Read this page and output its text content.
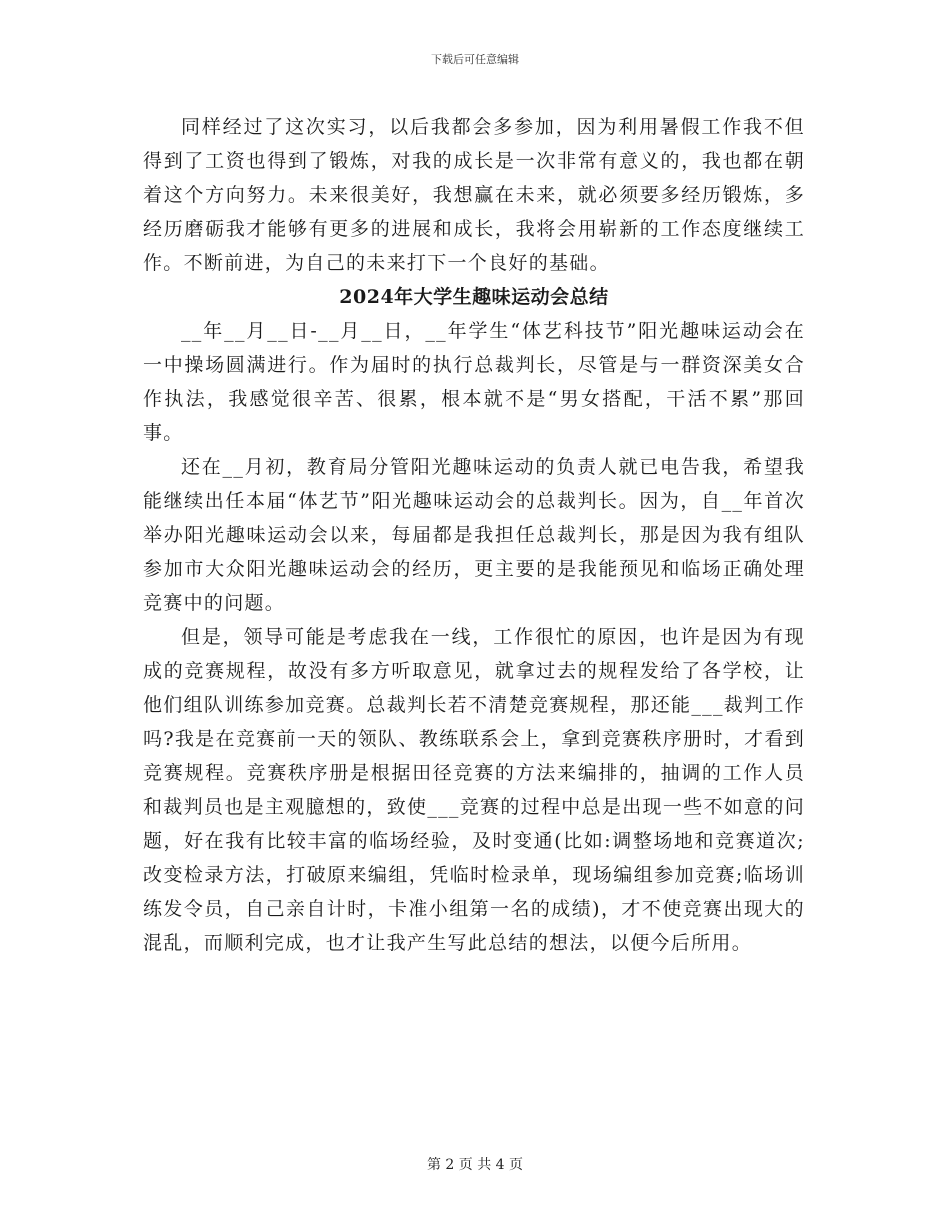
下载后可任意编辑

同样经过了这次实习，以后我都会多参加，因为利用暑假工作我不但得到了工资也得到了锻炼，对我的成长是一次非常有意义的，我也都在朝着这个方向努力。未来很美好，我想赢在未来，就必须要多经历锻炼，多经历磨砺我才能够有更多的进展和成长，我将会用崭新的工作态度继续工作。不断前进，为自己的未来打下一个良好的基础。

2024年大学生趣味运动会总结

__年__月__日-__月__日，__年学生“体艺科技节”阳光趣味运动会在一中操场圆满进行。作为届时的执行总裁判长，尽管是与一群资深美女合作执法，我感觉很辛苦、很累，根本就不是“男女搭配，干活不累”那回事。

还在__月初，教育局分管阳光趣味运动的负责人就已电告我，希望我能继续出任本届“体艺节”阳光趣味运动会的总裁判长。因为，自__年首次举办阳光趣味运动会以来，每届都是我担任总裁判长，那是因为我有组队参加市大众阳光趣味运动会的经历，更主要的是我能预见和临场正确处理竞赛中的问题。

但是，领导可能是考虑我在一线，工作很忙的原因，也许是因为有现成的竞赛规程，故没有多方听取意见，就拿过去的规程发给了各学校，让他们组队训练参加竞赛。总裁判长若不清楚竞赛规程，那还能___裁判工作吗?我是在竞赛前一天的领队、教练联系会上，拿到竞赛秩序册时，才看到竞赛规程。竞赛秩序册是根据田径竞赛的方法来编排的，抽调的工作人员和裁判员也是主观臆想的，致使___竞赛的过程中总是出现一些不如意的问题，好在我有比较丰富的临场经验，及时变通(比如:调整场地和竞赛道次;改变检录方法，打破原来编组，凭临时检录单，现场编组参加竞赛;临场训练发令员，自己亲自计时，卡准小组第一名的成绩)，才不使竞赛出现大的混乱，而顺利完成，也才让我产生写此总结的想法，以便今后所用。

第 2 页 共 4 页
